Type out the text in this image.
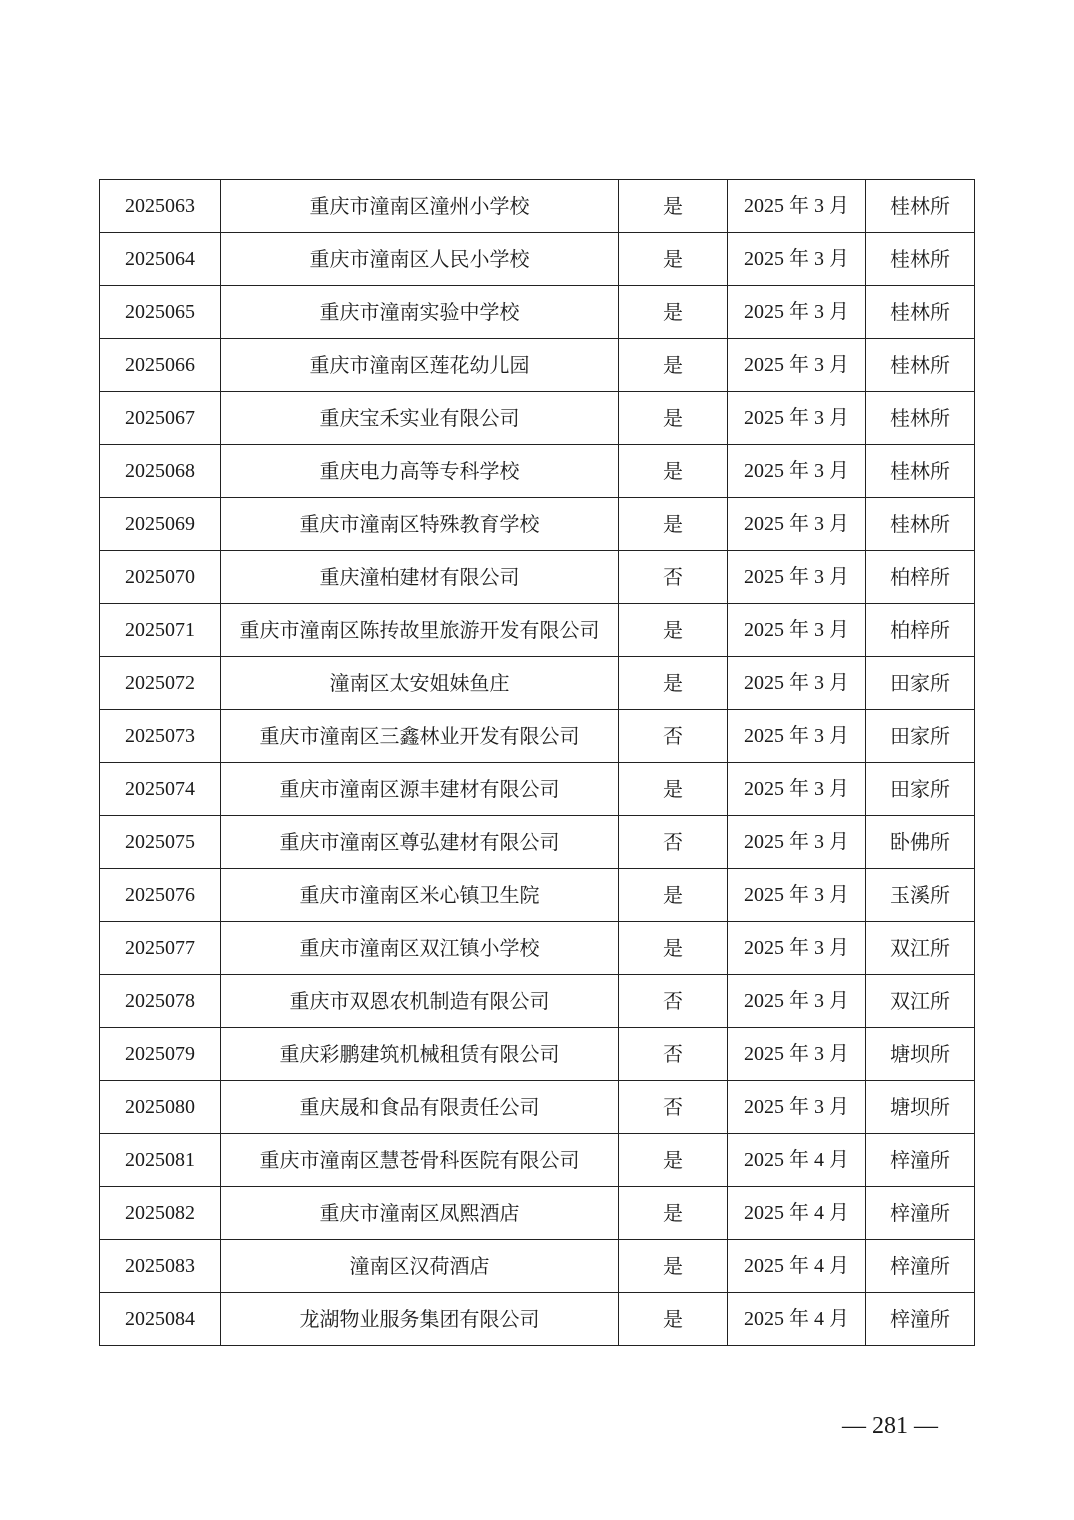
2025063	重庆市潼南区潼州小学校	是	2025 年 3 月	桂林所
2025064	重庆市潼南区人民小学校	是	2025 年 3 月	桂林所
2025065	重庆市潼南实验中学校	是	2025 年 3 月	桂林所
2025066	重庆市潼南区莲花幼儿园	是	2025 年 3 月	桂林所
2025067	重庆宝禾实业有限公司	是	2025 年 3 月	桂林所
2025068	重庆电力高等专科学校	是	2025 年 3 月	桂林所
2025069	重庆市潼南区特殊教育学校	是	2025 年 3 月	桂林所
2025070	重庆潼柏建材有限公司	否	2025 年 3 月	柏梓所
2025071	重庆市潼南区陈抟故里旅游开发有限公司	是	2025 年 3 月	柏梓所
2025072	潼南区太安姐妹鱼庄	是	2025 年 3 月	田家所
2025073	重庆市潼南区三鑫林业开发有限公司	否	2025 年 3 月	田家所
2025074	重庆市潼南区源丰建材有限公司	是	2025 年 3 月	田家所
2025075	重庆市潼南区尊弘建材有限公司	否	2025 年 3 月	卧佛所
2025076	重庆市潼南区米心镇卫生院	是	2025 年 3 月	玉溪所
2025077	重庆市潼南区双江镇小学校	是	2025 年 3 月	双江所
2025078	重庆市双恩农机制造有限公司	否	2025 年 3 月	双江所
2025079	重庆彩鹏建筑机械租赁有限公司	否	2025 年 3 月	塘坝所
2025080	重庆晟和食品有限责任公司	否	2025 年 3 月	塘坝所
2025081	重庆市潼南区慧苍骨科医院有限公司	是	2025 年 4 月	梓潼所
2025082	重庆市潼南区凤熙酒店	是	2025 年 4 月	梓潼所
2025083	潼南区汉荷酒店	是	2025 年 4 月	梓潼所
2025084	龙湖物业服务集团有限公司	是	2025 年 4 月	梓潼所
— 281 —
